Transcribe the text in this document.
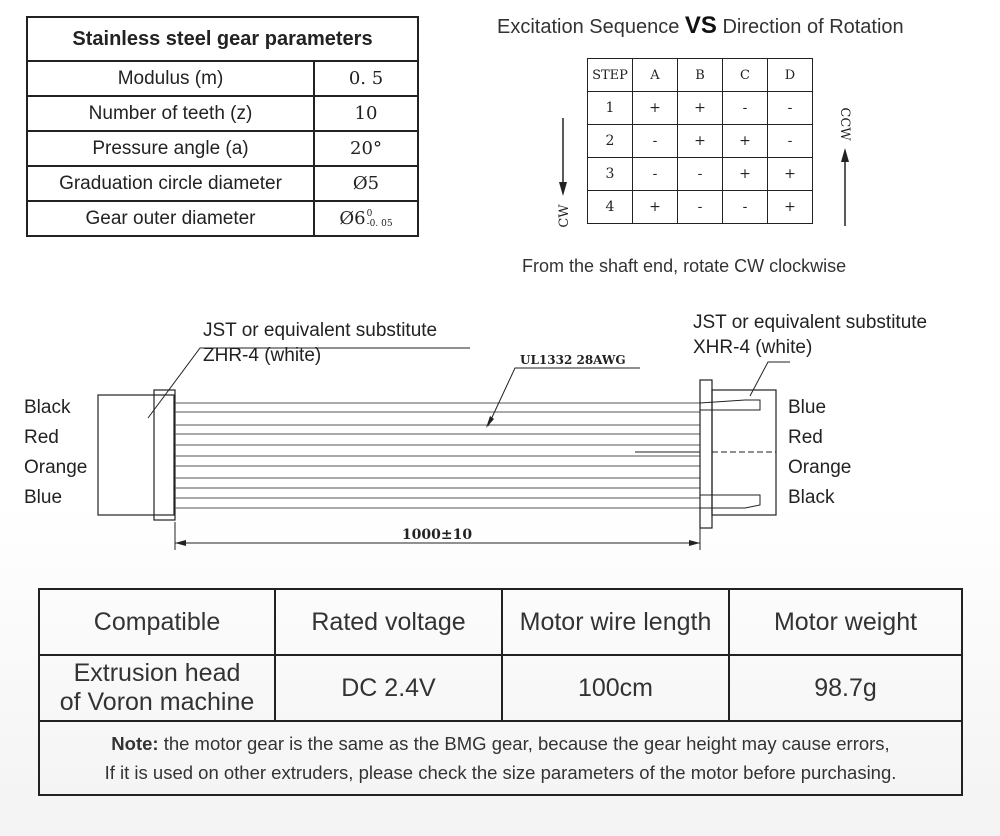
Stainless steel gear parameters	
Modulus (m)	0. 5
Number of teeth (z)	10
Pressure angle (a)	20°
Graduation circle diameter	Ø5
Gear outer diameter	Ø60
-0. 05
Excitation Sequence VS Direction of Rotation
STEP	A	B	C	D
1	+	+	-	-
2	-	+	+	-
3	-	-	+	+
4	+	-	-	+
CW
CCW
From the shaft end, rotate CW clockwise
UL1332 28AWG
1000±10
JST or equivalent substitute
ZHR-4 (white)
JST or equivalent substitute
XHR-4 (white)
Black
Red
Orange
Blue
Blue
Red
Orange
Black
Compatible	Rated voltage	Motor wire length	Motor weight
Extrusion head
of Voron machine	DC 2.4V	100cm	98.7g
Note: the motor gear is the same as the BMG gear, because the gear height may cause errors,
If it is used on other extruders, please check the size parameters of the motor before purchasing.			
